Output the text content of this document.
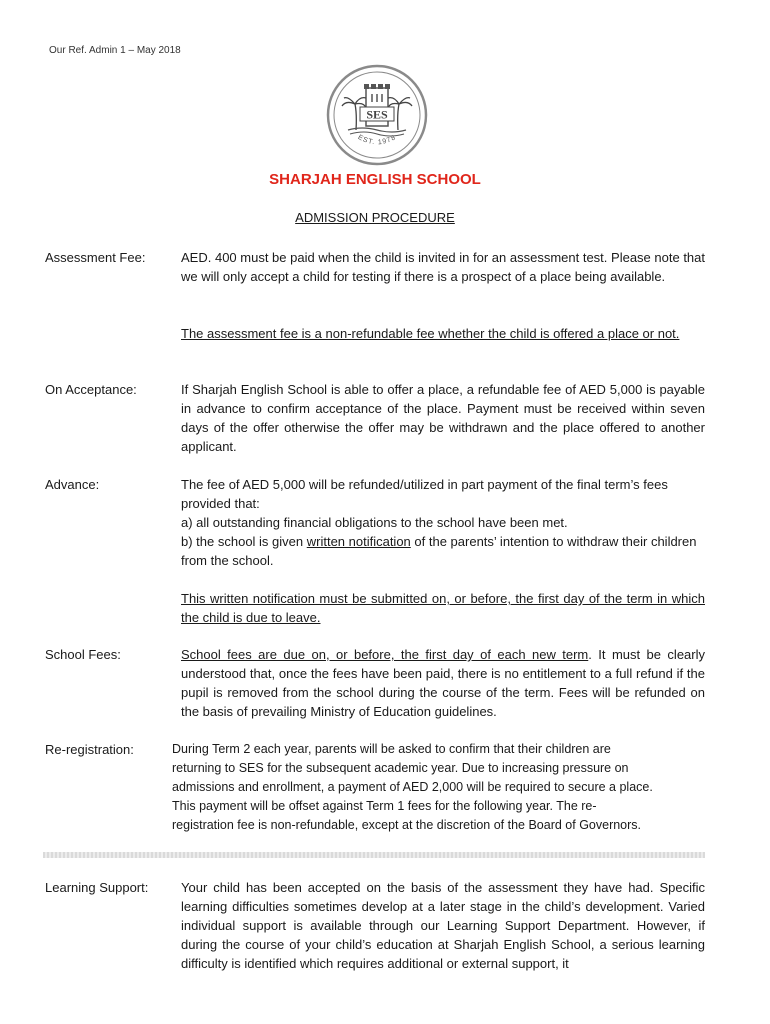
Our Ref. Admin 1 – May 2018
SES
EST. 1978
SHARJAH ENGLISH SCHOOL
ADMISSION PROCEDURE
Assessment Fee:	AED. 400 must be paid when the child is invited in for an assessment test. Please note that we will only accept a child for testing if there is a prospect of a place being available.

The assessment fee is a non-refundable fee whether the child is offered a place or not.

On Acceptance:	If Sharjah English School is able to offer a place, a refundable fee of AED 5,000 is payable in advance to confirm acceptance of the place. Payment must be received within seven days of the offer otherwise the offer may be withdrawn and the place offered to another applicant.

Advance:	The fee of AED 5,000 will be refunded/utilized in part payment of the final term’s fees
provided that:
a) all outstanding financial obligations to the school have been met.
b) the school is given written notification of the parents’ intention to withdraw their children from the school.

This written notification must be submitted on, or before, the first day of the term in which the child is due to leave.

School Fees:	School fees are due on, or before, the first day of each new term. It must be clearly understood that, once the fees have been paid, there is no entitlement to a full refund if the pupil is removed from the school during the course of the term. Fees will be refunded on the basis of prevailing Ministry of Education guidelines.

Re-registration:	During Term 2 each year, parents will be asked to confirm that their children are
returning to SES for the subsequent academic year. Due to increasing pressure on
admissions and enrollment, a payment of AED 2,000 will be required to secure a place.
This payment will be offset against Term 1 fees for the following year. The re-
registration fee is non-refundable, except at the discretion of the Board of Governors.
Learning Support:	Your child has been accepted on the basis of the assessment they have had. Specific learning difficulties sometimes develop at a later stage in the child’s development. Varied individual support is available through our Learning Support Department. However, if during the course of your child’s education at Sharjah English School, a serious learning difficulty is identified which requires additional or external support, it
